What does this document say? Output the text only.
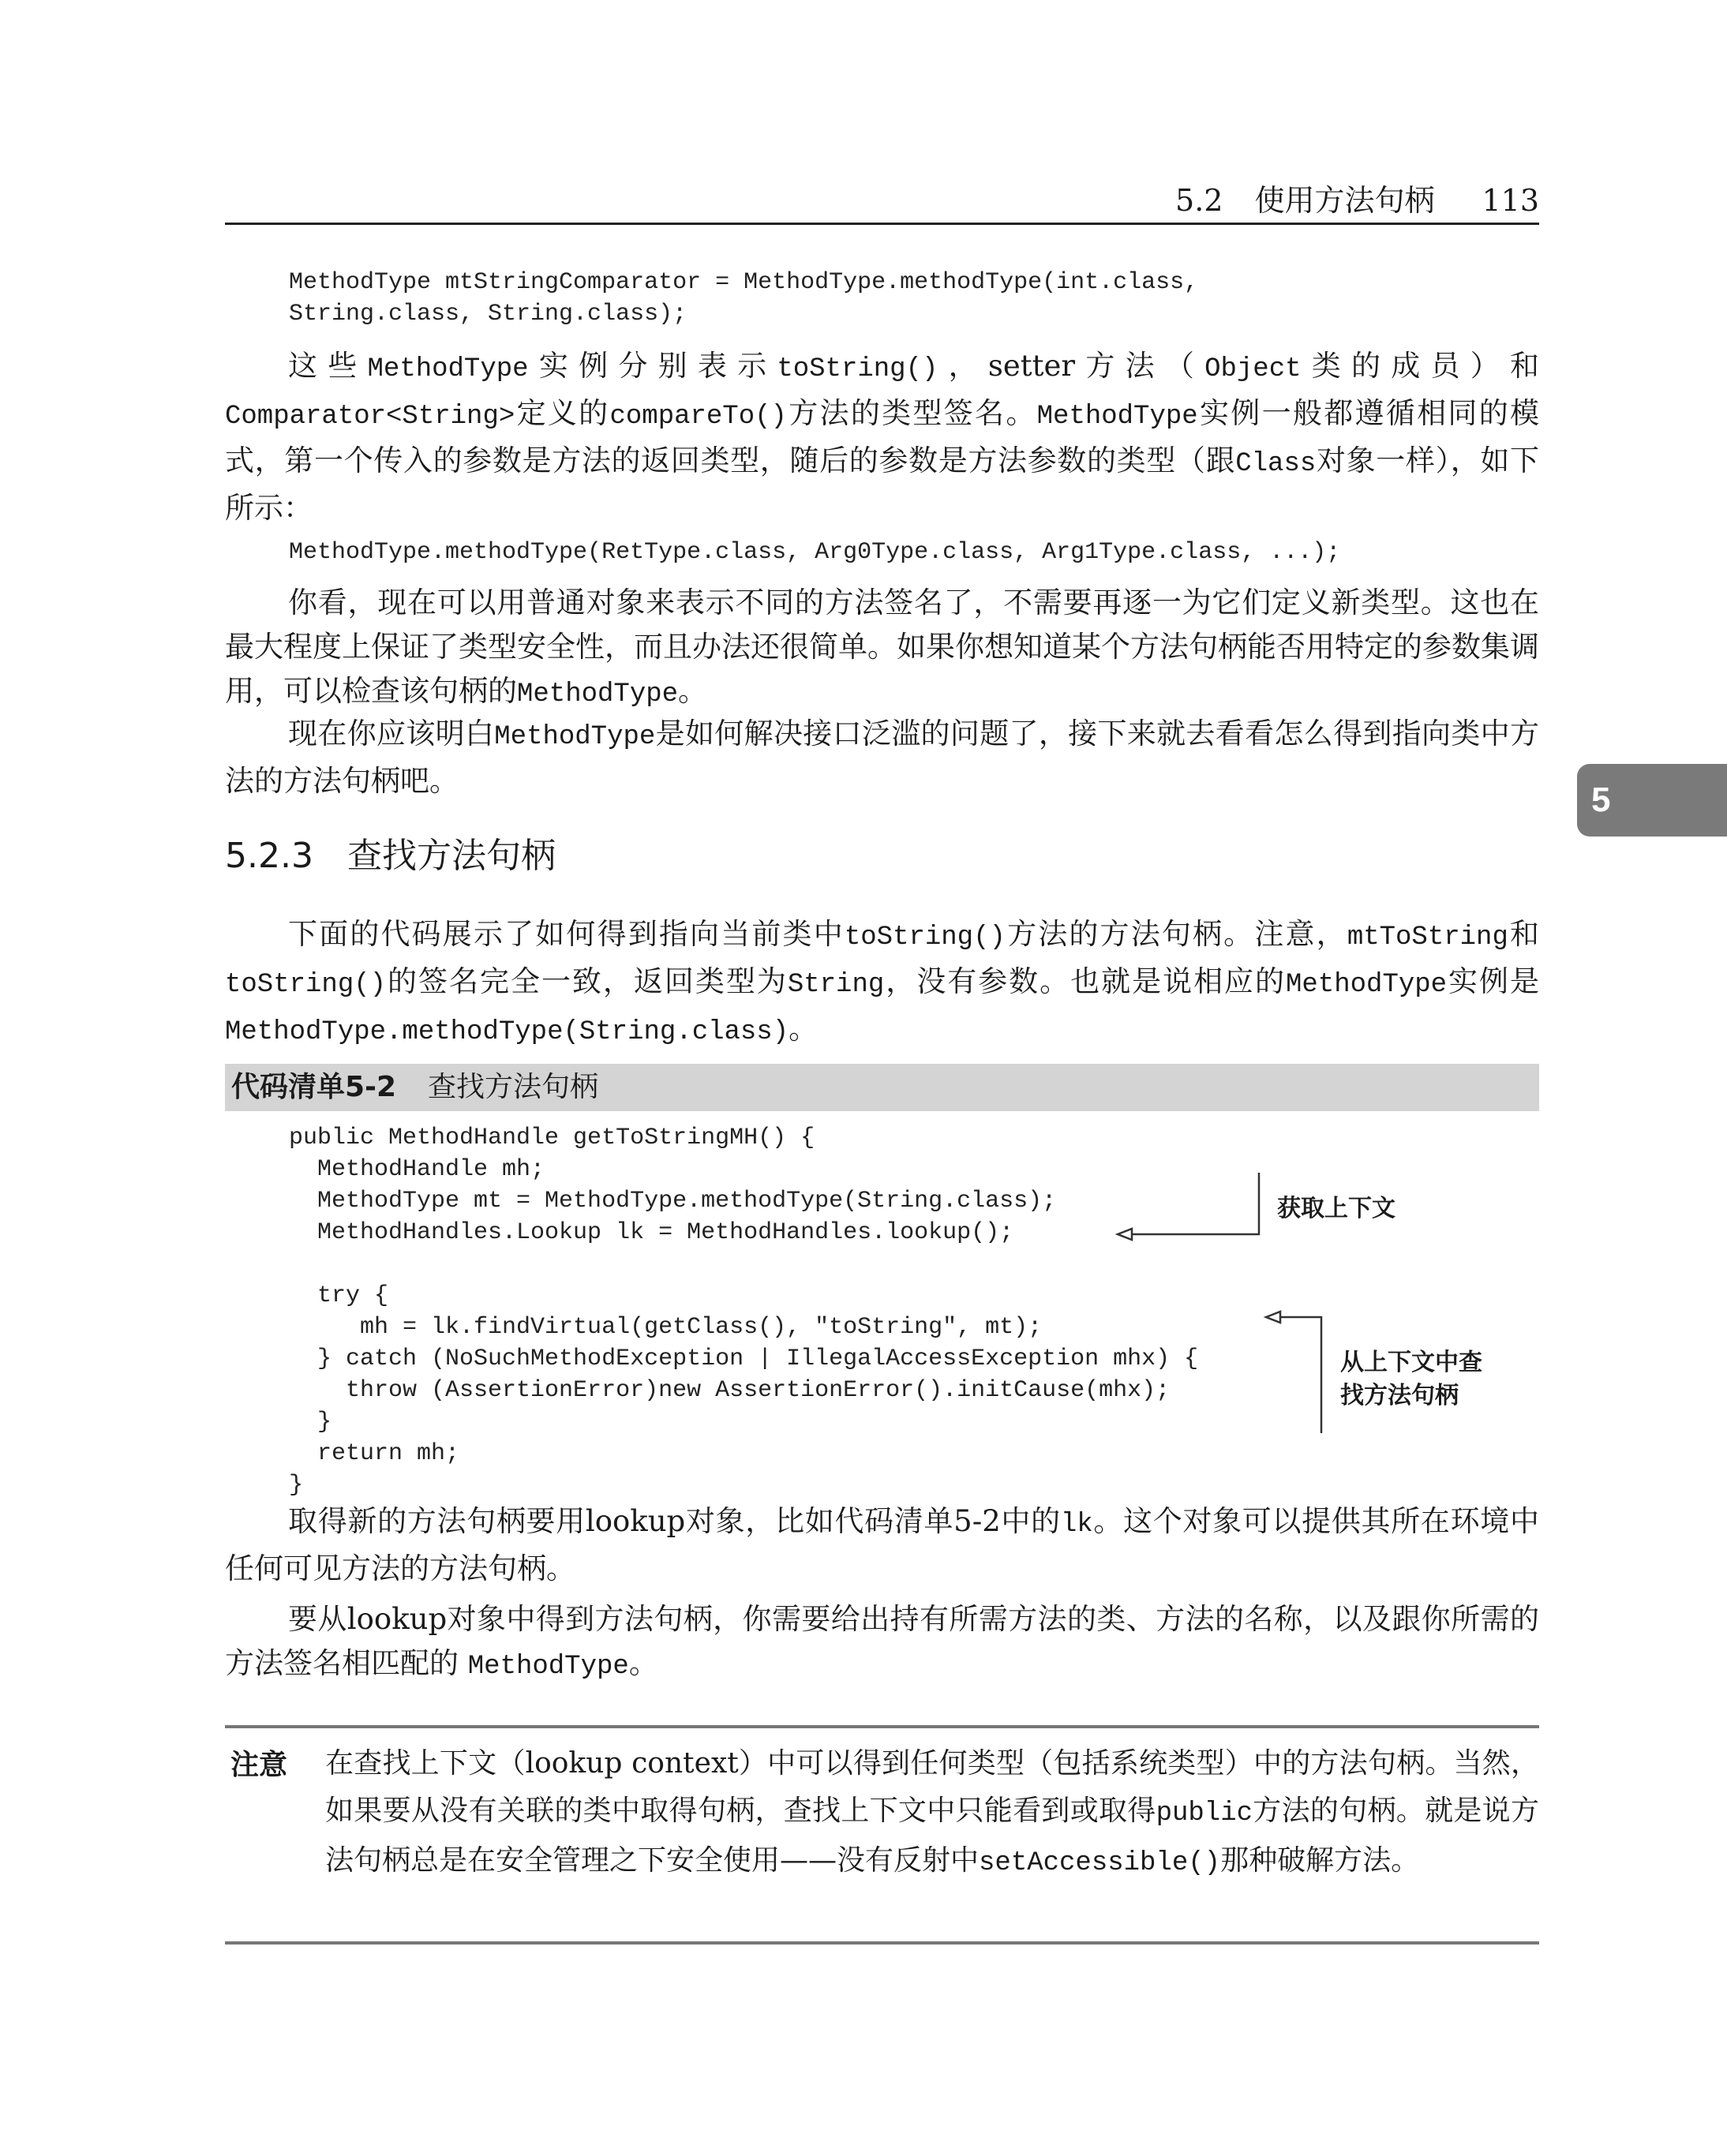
5.2 使用方法句柄 113
5
MethodType mtStringComparator = MethodType.methodType(int.class,
String.class, String.class);

这些MethodType实例分别表示toString()，setter方法（Object类的成员）和Comparator<String>定义的compareTo()方法的类型签名。MethodType实例一般都遵循相同的模式，第一个传入的参数是方法的返回类型，随后的参数是方法参数的类型（跟Class对象一样），如下所示：

MethodType.methodType(RetType.class, Arg0Type.class, Arg1Type.class, ...);

你看，现在可以用普通对象来表示不同的方法签名了，不需要再逐一为它们定义新类型。这也在最大程度上保证了类型安全性，而且办法还很简单。如果你想知道某个方法句柄能否用特定的参数集调用，可以检查该句柄的MethodType。

现在你应该明白MethodType是如何解决接口泛滥的问题了，接下来就去看看怎么得到指向类中方法的方法句柄吧。

5.2.3 查找方法句柄

下面的代码展示了如何得到指向当前类中toString()方法的方法句柄。注意，mtToString和toString()的签名完全一致，返回类型为String，没有参数。也就是说相应的MethodType实例是MethodType.methodType(String.class)。

代码清单5-2 查找方法句柄
public MethodHandle getToStringMH() {
MethodHandle mh;
MethodType mt = MethodType.methodType(String.class);
MethodHandles.Lookup lk = MethodHandles.lookup();

try {
mh = lk.findVirtual(getClass(), "toString", mt);
} catch (NoSuchMethodException | IllegalAccessException mhx) {
throw (AssertionError)new AssertionError().initCause(mhx);
}
return mh;
}
获取上下文
从上下文中查
找方法句柄

取得新的方法句柄要用lookup对象，比如代码清单5-2中的lk。这个对象可以提供其所在环境中任何可见方法的方法句柄。

要从lookup对象中得到方法句柄，你需要给出持有所需方法的类、方法的名称，以及跟你所需的方法签名相匹配的 MethodType。

注意 在查找上下文（lookup context）中可以得到任何类型（包括系统类型）中的方法句柄。当然，如果要从没有关联的类中取得句柄，查找上下文中只能看到或取得public方法的句柄。就是说方法句柄总是在安全管理之下安全使用——没有反射中setAccessible()那种破解方法。
